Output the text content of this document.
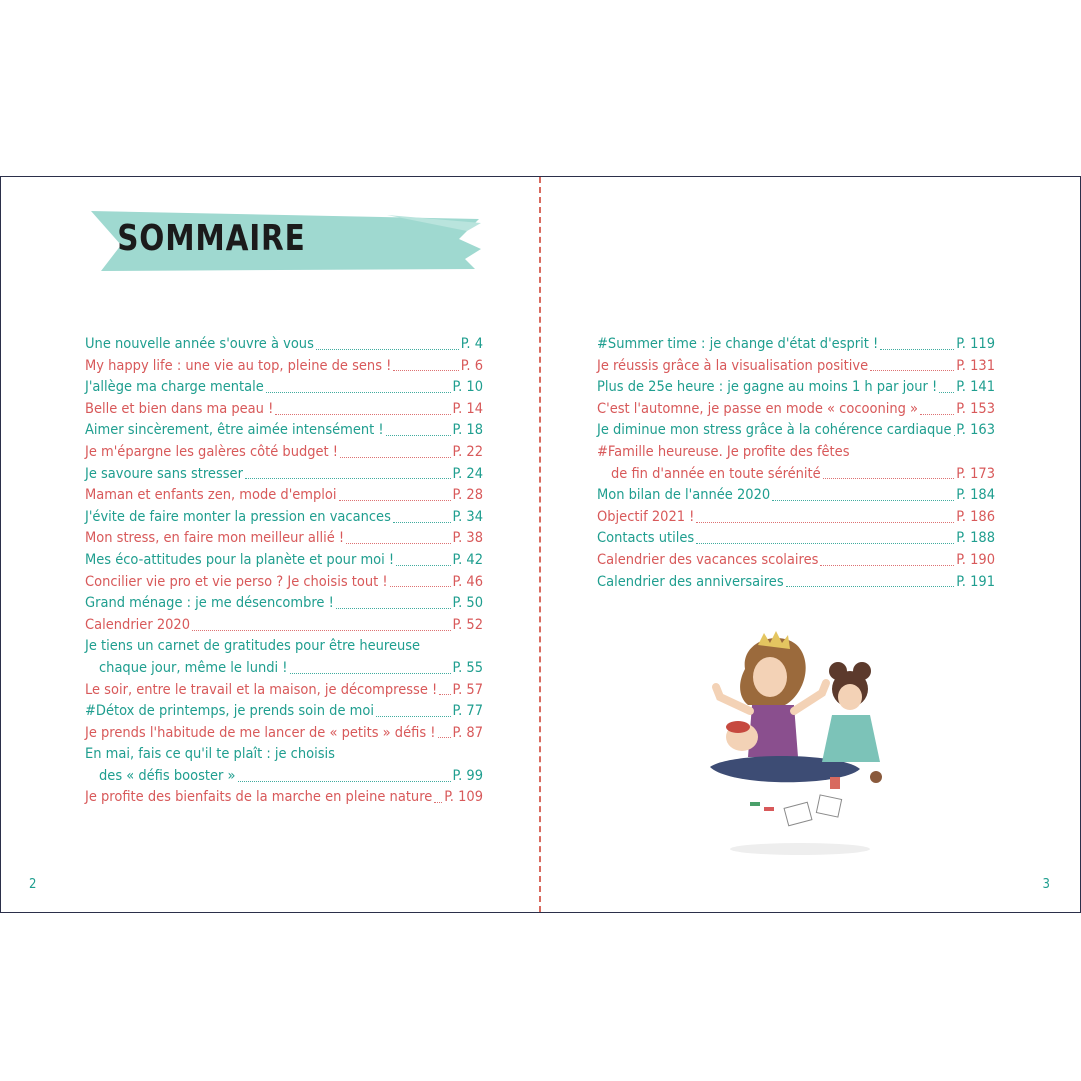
SOMMAIRE
Une nouvelle année s'ouvre à vous	P. 4
My happy life : une vie au top, pleine de sens !	P. 6
J'allège ma charge mentale	P. 10
Belle et bien dans ma peau !	P. 14
Aimer sincèrement, être aimée intensément !	P. 18
Je m'épargne les galères côté budget !	P. 22
Je savoure sans stresser	P. 24
Maman et enfants zen, mode d'emploi	P. 28
J'évite de faire monter la pression en vacances	P. 34
Mon stress, en faire mon meilleur allié !	P. 38
Mes éco-attitudes pour la planète et pour moi !	P. 42
Concilier vie pro et vie perso ? Je choisis tout !	P. 46
Grand ménage : je me désencombre !	P. 50
Calendrier 2020	P. 52
Je tiens un carnet de gratitudes pour être heureuse
chaque jour, même le lundi !	P. 55
Le soir, entre le travail et la maison, je décompresse ! P. 57
#Détox de printemps, je prends soin de moi	P. 77
Je prends l'habitude de me lancer de « petits » défis ! P. 87
En mai, fais ce qu'il te plaît : je choisis
des « défis booster »	P. 99
Je profite des bienfaits de la marche en pleine nature P. 109
2
#Summer time : je change d'état d'esprit !	P. 119
Je réussis grâce à la visualisation positive	P. 131
Plus de 25e heure : je gagne au moins 1 h par jour ! P. 141
C'est l'automne, je passe en mode « cocooning »	P. 153
Je diminue mon stress grâce à la cohérence cardiaque P. 163
#Famille heureuse. Je profite des fêtes
de fin d'année en toute sérénité	P. 173
Mon bilan de l'année 2020	P. 184
Objectif 2021 !	P. 186
Contacts utiles	P. 188
Calendrier des vacances scolaires	P. 190
Calendrier des anniversaires	P. 191
3
